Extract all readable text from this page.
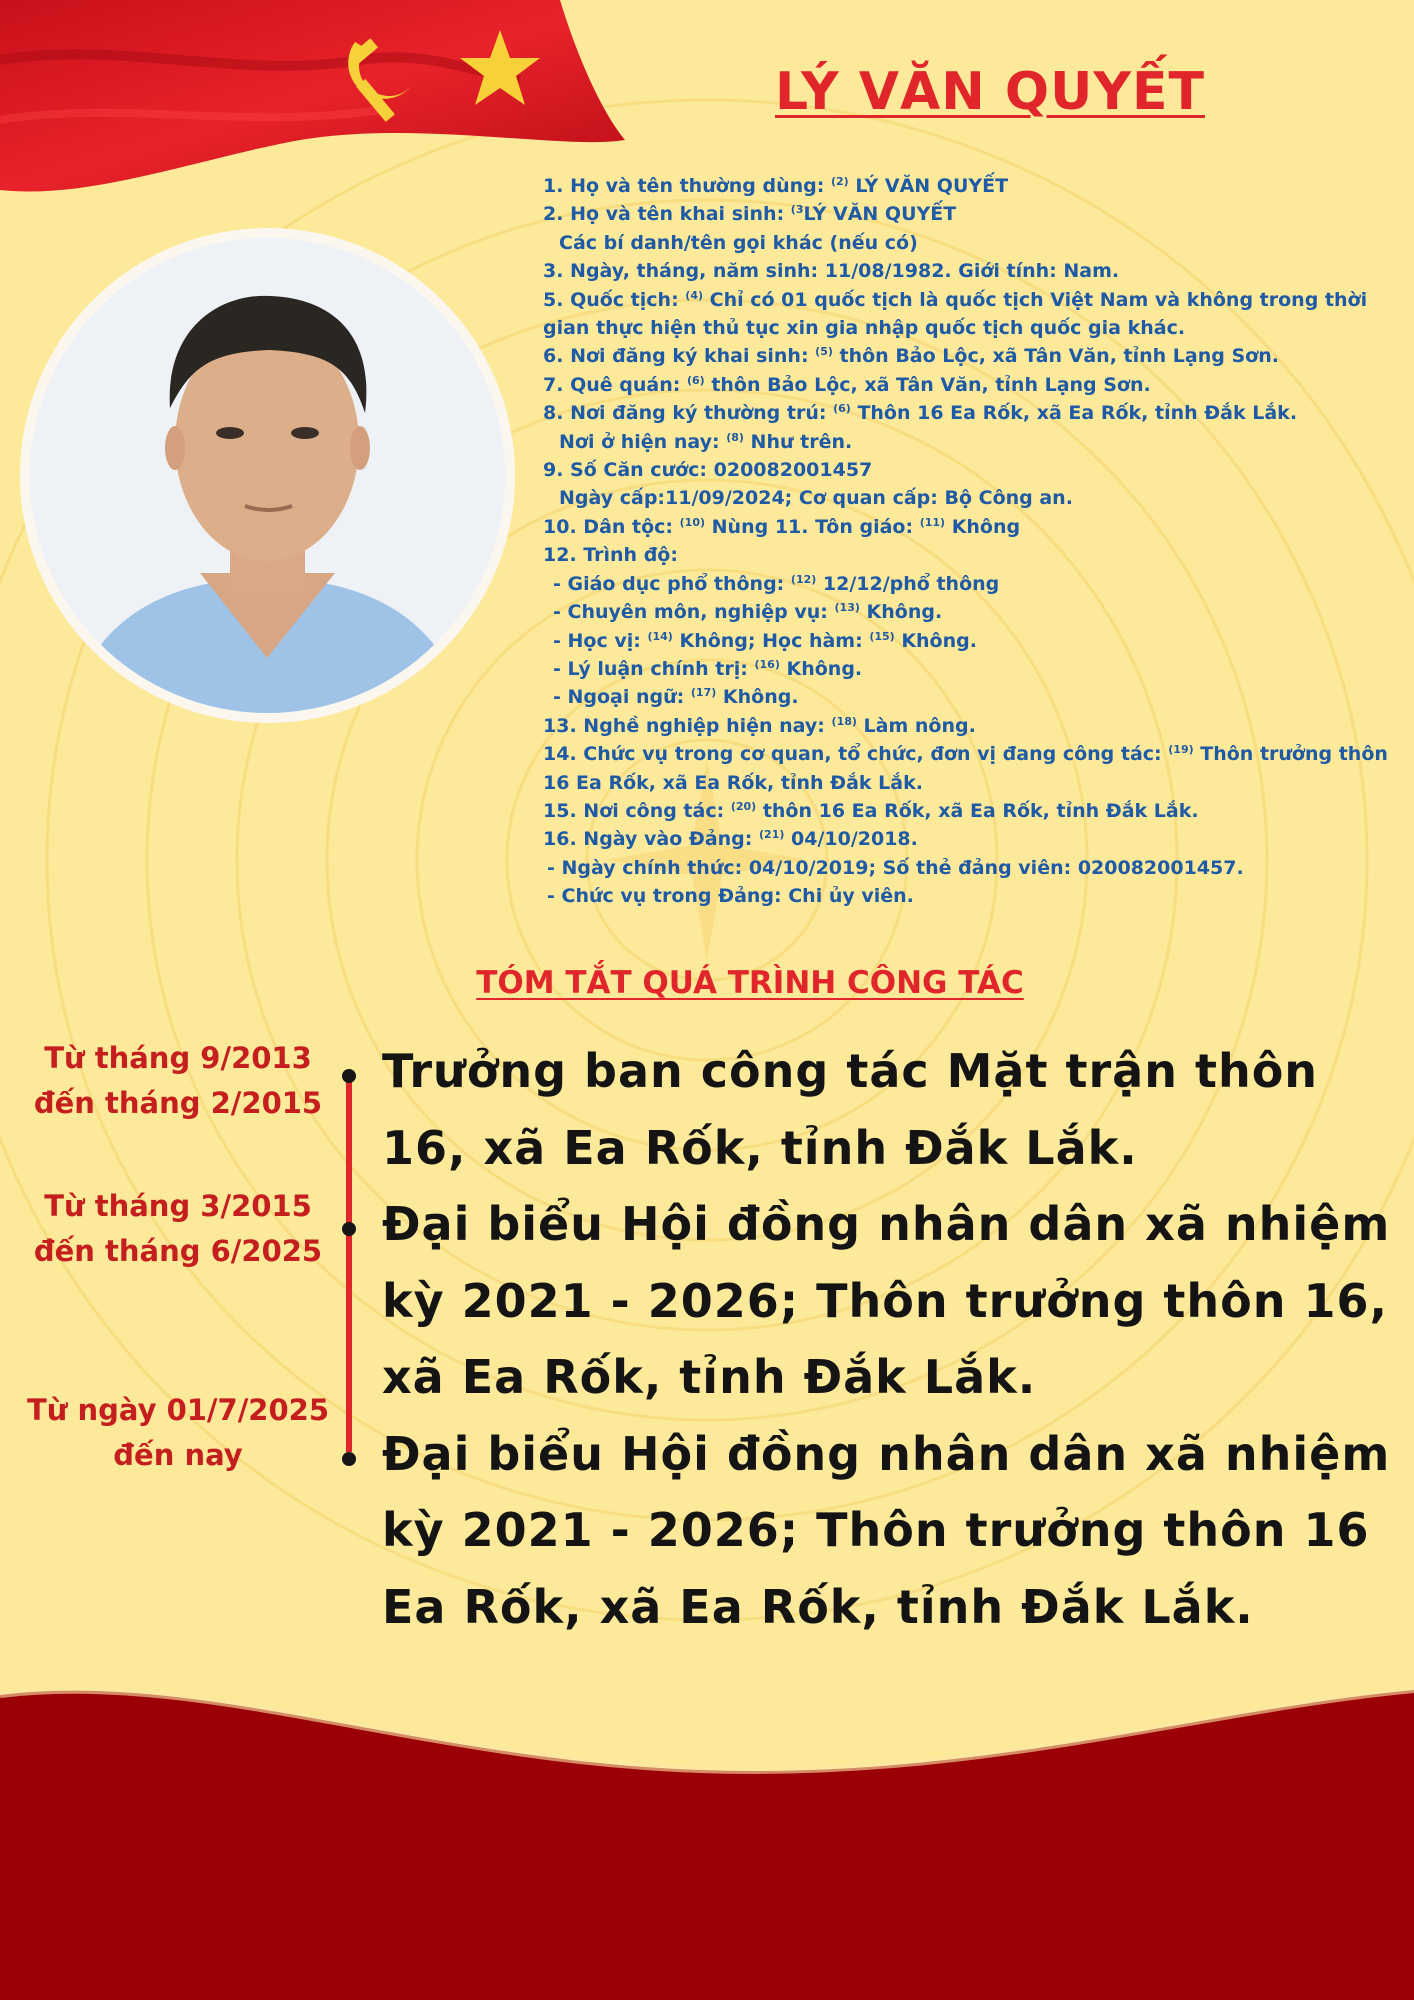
LÝ VĂN QUYẾT

1. Họ và tên thường dùng: $^{(2)}$ LÝ VĂN QUYẾT

2. Họ và tên khai sinh: $^{(3}$LÝ VĂN QUYẾT

Các bí danh/tên gọi khác (nếu có)

3. Ngày, tháng, năm sinh: 11/08/1982. Giới tính: Nam.

5. Quốc tịch: $^{(4)}$ Chỉ có 01 quốc tịch là quốc tịch Việt Nam và không trong thời gian thực hiện thủ tục xin gia nhập quốc tịch quốc gia khác.

6. Nơi đăng ký khai sinh: $^{(5)}$ thôn Bảo Lộc, xã Tân Văn, tỉnh Lạng Sơn.

7. Quê quán: $^{(6)}$ thôn Bảo Lộc, xã Tân Văn, tỉnh Lạng Sơn.

8. Nơi đăng ký thường trú: $^{(6)}$ Thôn 16 Ea Rốk, xã Ea Rốk, tỉnh Đắk Lắk.

Nơi ở hiện nay: $^{(8)}$ Như trên.

9. Số Căn cước: 020082001457

Ngày cấp:11/09/2024; Cơ quan cấp: Bộ Công an.

10. Dân tộc: $^{(10)}$ Nùng 11. Tôn giáo: $^{(11)}$ Không

12. Trình độ:

- Giáo dục phổ thông: $^{(12)}$ 12/12/phổ thông

- Chuyên môn, nghiệp vụ: $^{(13)}$ Không.

- Học vị: $^{(14)}$ Không; Học hàm: $^{(15)}$ Không.

- Lý luận chính trị: $^{(16)}$ Không.

- Ngoại ngữ: $^{(17)}$ Không.

13. Nghề nghiệp hiện nay: $^{(18)}$ Làm nông.

14. Chức vụ trong cơ quan, tổ chức, đơn vị đang công tác: $^{(19)}$ Thôn trưởng thôn 16 Ea Rốk, xã Ea Rốk, tỉnh Đắk Lắk.

15. Nơi công tác: $^{(20)}$ thôn 16 Ea Rốk, xã Ea Rốk, tỉnh Đắk Lắk.

16. Ngày vào Đảng: $^{(21)}$ 04/10/2018.

- Ngày chính thức: 04/10/2019; Số thẻ đảng viên: 020082001457.

- Chức vụ trong Đảng: Chi ủy viên.

TÓM TẮT QUÁ TRÌNH CÔNG TÁC
Từ tháng 9/2013
đến tháng 2/2015
Từ tháng 3/2015
đến tháng 6/2025
Từ ngày 01/7/2025
đến nay

Trưởng ban công tác Mặt trận thôn 16, xã Ea Rốk, tỉnh Đắk Lắk.

Đại biểu Hội đồng nhân dân xã nhiệm kỳ 2021 - 2026; Thôn trưởng thôn 16, xã Ea Rốk, tỉnh Đắk Lắk.

Đại biểu Hội đồng nhân dân xã nhiệm kỳ 2021 - 2026; Thôn trưởng thôn 16 Ea Rốk, xã Ea Rốk, tỉnh Đắk Lắk.
